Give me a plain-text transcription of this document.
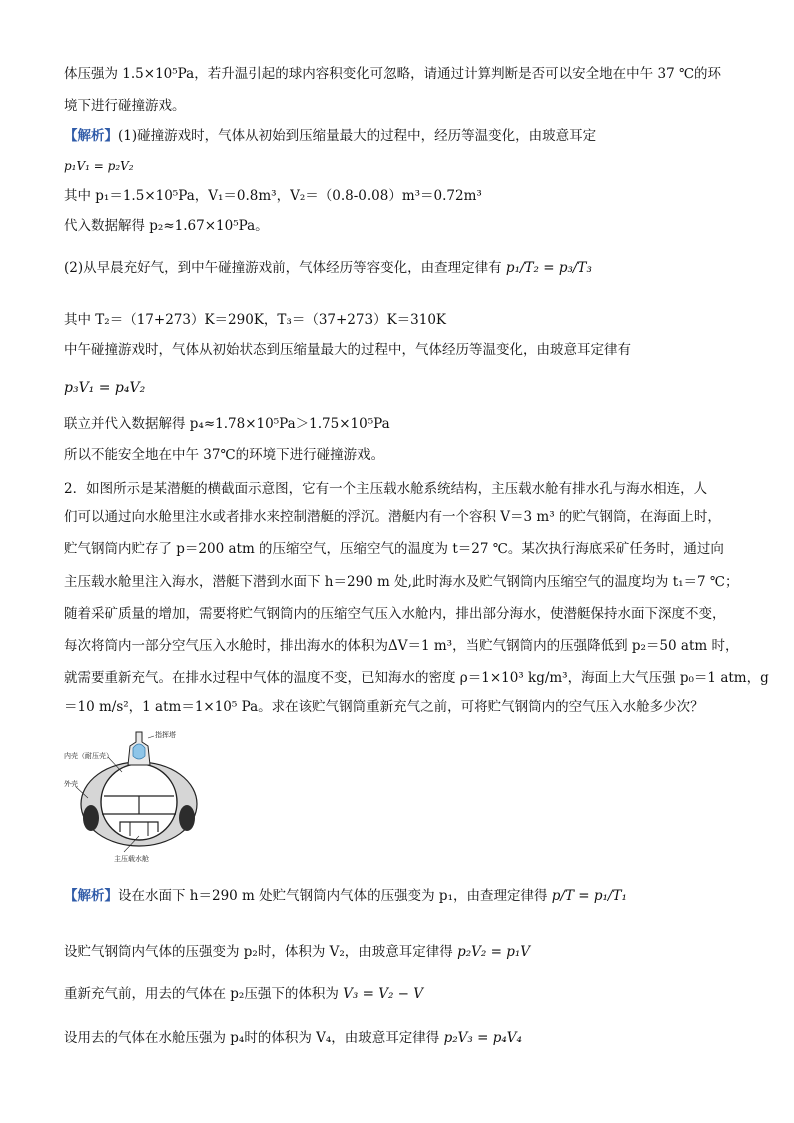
体压强为 1.5×10⁵Pa，若升温引起的球内容积变化可忽略，请通过计算判断是否可以安全地在中午 37 ℃的环
境下进行碰撞游戏。
【解析】(1)碰撞游戏时，气体从初始到压缩量最大的过程中，经历等温变化，由玻意耳定
p₁V₁ = p₂V₂
其中 p₁＝1.5×10⁵Pa，V₁＝0.8m³，V₂＝（0.8-0.08）m³＝0.72m³
代入数据解得 p₂≈1.67×10⁵Pa。
(2)从早晨充好气，到中午碰撞游戏前，气体经历等容变化，由查理定律有 p₁/T₂ = p₃/T₃
其中 T₂＝（17+273）K＝290K，T₃＝（37+273）K＝310K
中午碰撞游戏时，气体从初始状态到压缩量最大的过程中，气体经历等温变化，由玻意耳定律有
p₃V₁ = p₄V₂
联立并代入数据解得 p₄≈1.78×10⁵Pa＞1.75×10⁵Pa
所以不能安全地在中午 37℃的环境下进行碰撞游戏。
2．如图所示是某潜艇的横截面示意图，它有一个主压载水舱系统结构，主压载水舱有排水孔与海水相连，人
们可以通过向水舱里注水或者排水来控制潜艇的浮沉。潜艇内有一个容积 V＝3 m³ 的贮气钢筒，在海面上时，
贮气钢筒内贮存了 p＝200 atm 的压缩空气，压缩空气的温度为 t＝27 ℃。某次执行海底采矿任务时，通过向
主压载水舱里注入海水，潜艇下潜到水面下 h＝290 m 处,此时海水及贮气钢筒内压缩空气的温度均为 t₁＝7 ℃；
随着采矿质量的增加，需要将贮气钢筒内的压缩空气压入水舱内，排出部分海水，使潜艇保持水面下深度不变，
每次将筒内一部分空气压入水舱时，排出海水的体积为ΔV＝1 m³，当贮气钢筒内的压强降低到 p₂＝50 atm 时，
就需要重新充气。在排水过程中气体的温度不变，已知海水的密度 ρ＝1×10³ kg/m³，海面上大气压强 p₀＝1 atm，g
＝10 m/s²，1 atm＝1×10⁵ Pa。求在该贮气钢筒重新充气之前，可将贮气钢筒内的空气压入水舱多少次？
指挥塔
内壳（耐压壳）
外壳
主压载水舱
【解析】设在水面下 h＝290 m 处贮气钢筒内气体的压强变为 p₁，由查理定律得 p/T = p₁/T₁
设贮气钢筒内气体的压强变为 p₂时，体积为 V₂，由玻意耳定律得 p₂V₂ = p₁V
重新充气前，用去的气体在 p₂压强下的体积为 V₃ = V₂ − V
设用去的气体在水舱压强为 p₄时的体积为 V₄，由玻意耳定律得 p₂V₃ = p₄V₄
